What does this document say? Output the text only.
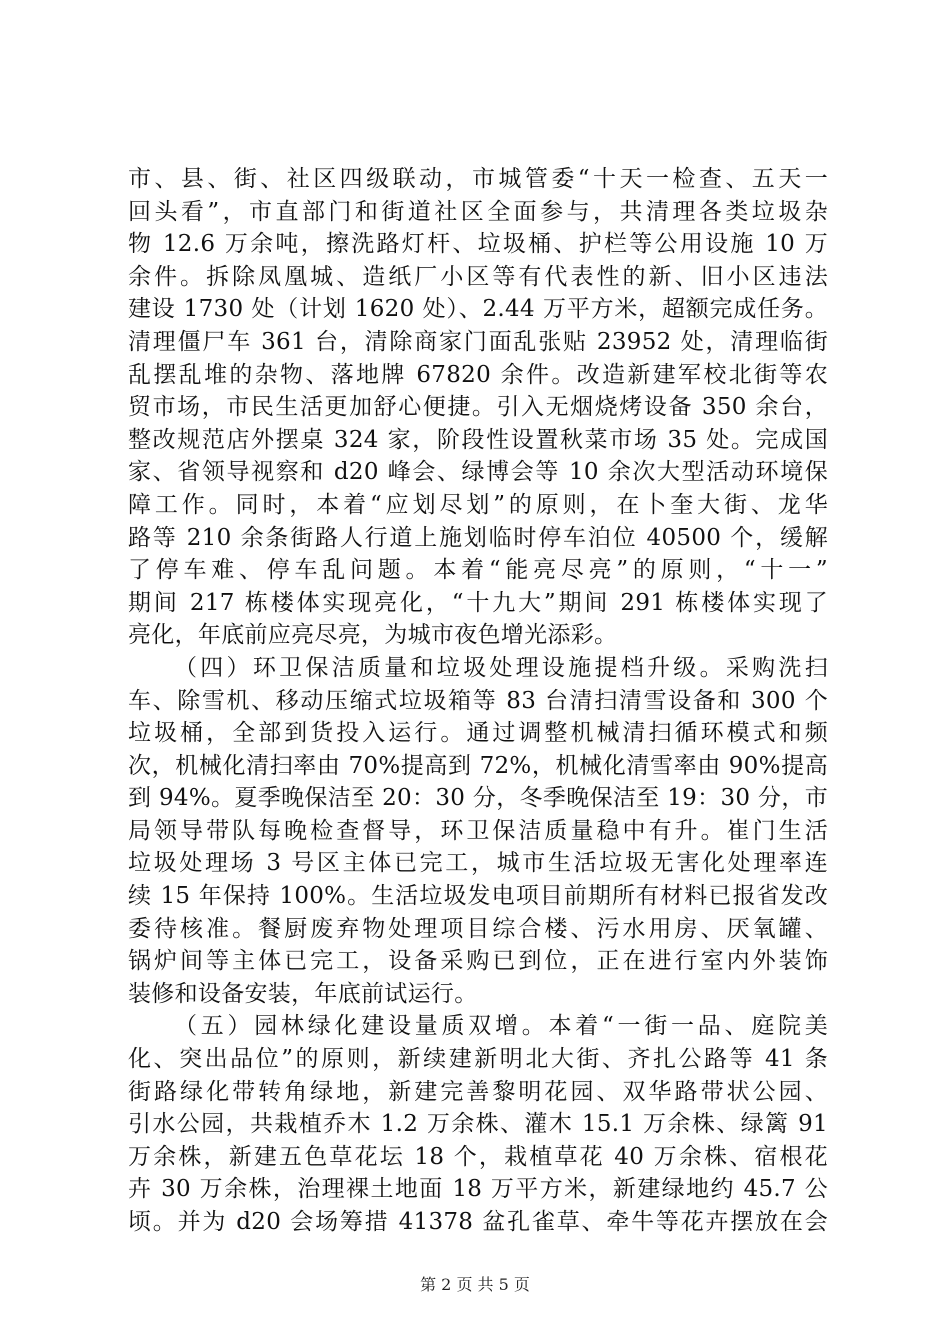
市、县、街、社区四级联动，市城管委“十天一检查、五天一
回头看”，市直部门和街道社区全面参与，共清理各类垃圾杂
物 12.6 万余吨，擦洗路灯杆、垃圾桶、护栏等公用设施 10 万
余件。拆除凤凰城、造纸厂小区等有代表性的新、旧小区违法
建设 1730 处（计划 1620 处）、2.44 万平方米，超额完成任务。
清理僵尸车 361 台，清除商家门面乱张贴 23952 处，清理临街
乱摆乱堆的杂物、落地牌 67820 余件。改造新建军校北街等农
贸市场，市民生活更加舒心便捷。引入无烟烧烤设备 350 余台，
整改规范店外摆桌 324 家，阶段性设置秋菜市场 35 处。完成国
家、省领导视察和 d20 峰会、绿博会等 10 余次大型活动环境保
障工作。同时，本着“应划尽划”的原则，在卜奎大街、龙华
路等 210 余条街路人行道上施划临时停车泊位 40500 个，缓解
了停车难、停车乱问题。本着“能亮尽亮”的原则，“十一”
期间 217 栋楼体实现亮化，“十九大”期间 291 栋楼体实现了
亮化，年底前应亮尽亮，为城市夜色增光添彩。
（四）环卫保洁质量和垃圾处理设施提档升级。采购洗扫
车、除雪机、移动压缩式垃圾箱等 83 台清扫清雪设备和 300 个
垃圾桶，全部到货投入运行。通过调整机械清扫循环模式和频
次，机械化清扫率由 70%提高到 72%，机械化清雪率由 90%提高
到 94%。夏季晚保洁至 20：30 分，冬季晚保洁至 19：30 分，市
局领导带队每晚检查督导，环卫保洁质量稳中有升。崔门生活
垃圾处理场 3 号区主体已完工，城市生活垃圾无害化处理率连
续 15 年保持 100%。生活垃圾发电项目前期所有材料已报省发改
委待核准。餐厨废弃物处理项目综合楼、污水用房、厌氧罐、
锅炉间等主体已完工，设备采购已到位，正在进行室内外装饰
装修和设备安装，年底前试运行。
（五）园林绿化建设量质双增。本着“一街一品、庭院美
化、突出品位”的原则，新续建新明北大街、齐扎公路等 41 条
街路绿化带转角绿地，新建完善黎明花园、双华路带状公园、
引水公园，共栽植乔木 1.2 万余株、灌木 15.1 万余株、绿篱 91
万余株，新建五色草花坛 18 个，栽植草花 40 万余株、宿根花
卉 30 万余株，治理裸土地面 18 万平方米，新建绿地约 45.7 公
顷。并为 d20 会场筹措 41378 盆孔雀草、牵牛等花卉摆放在会
第 2 页 共 5 页
